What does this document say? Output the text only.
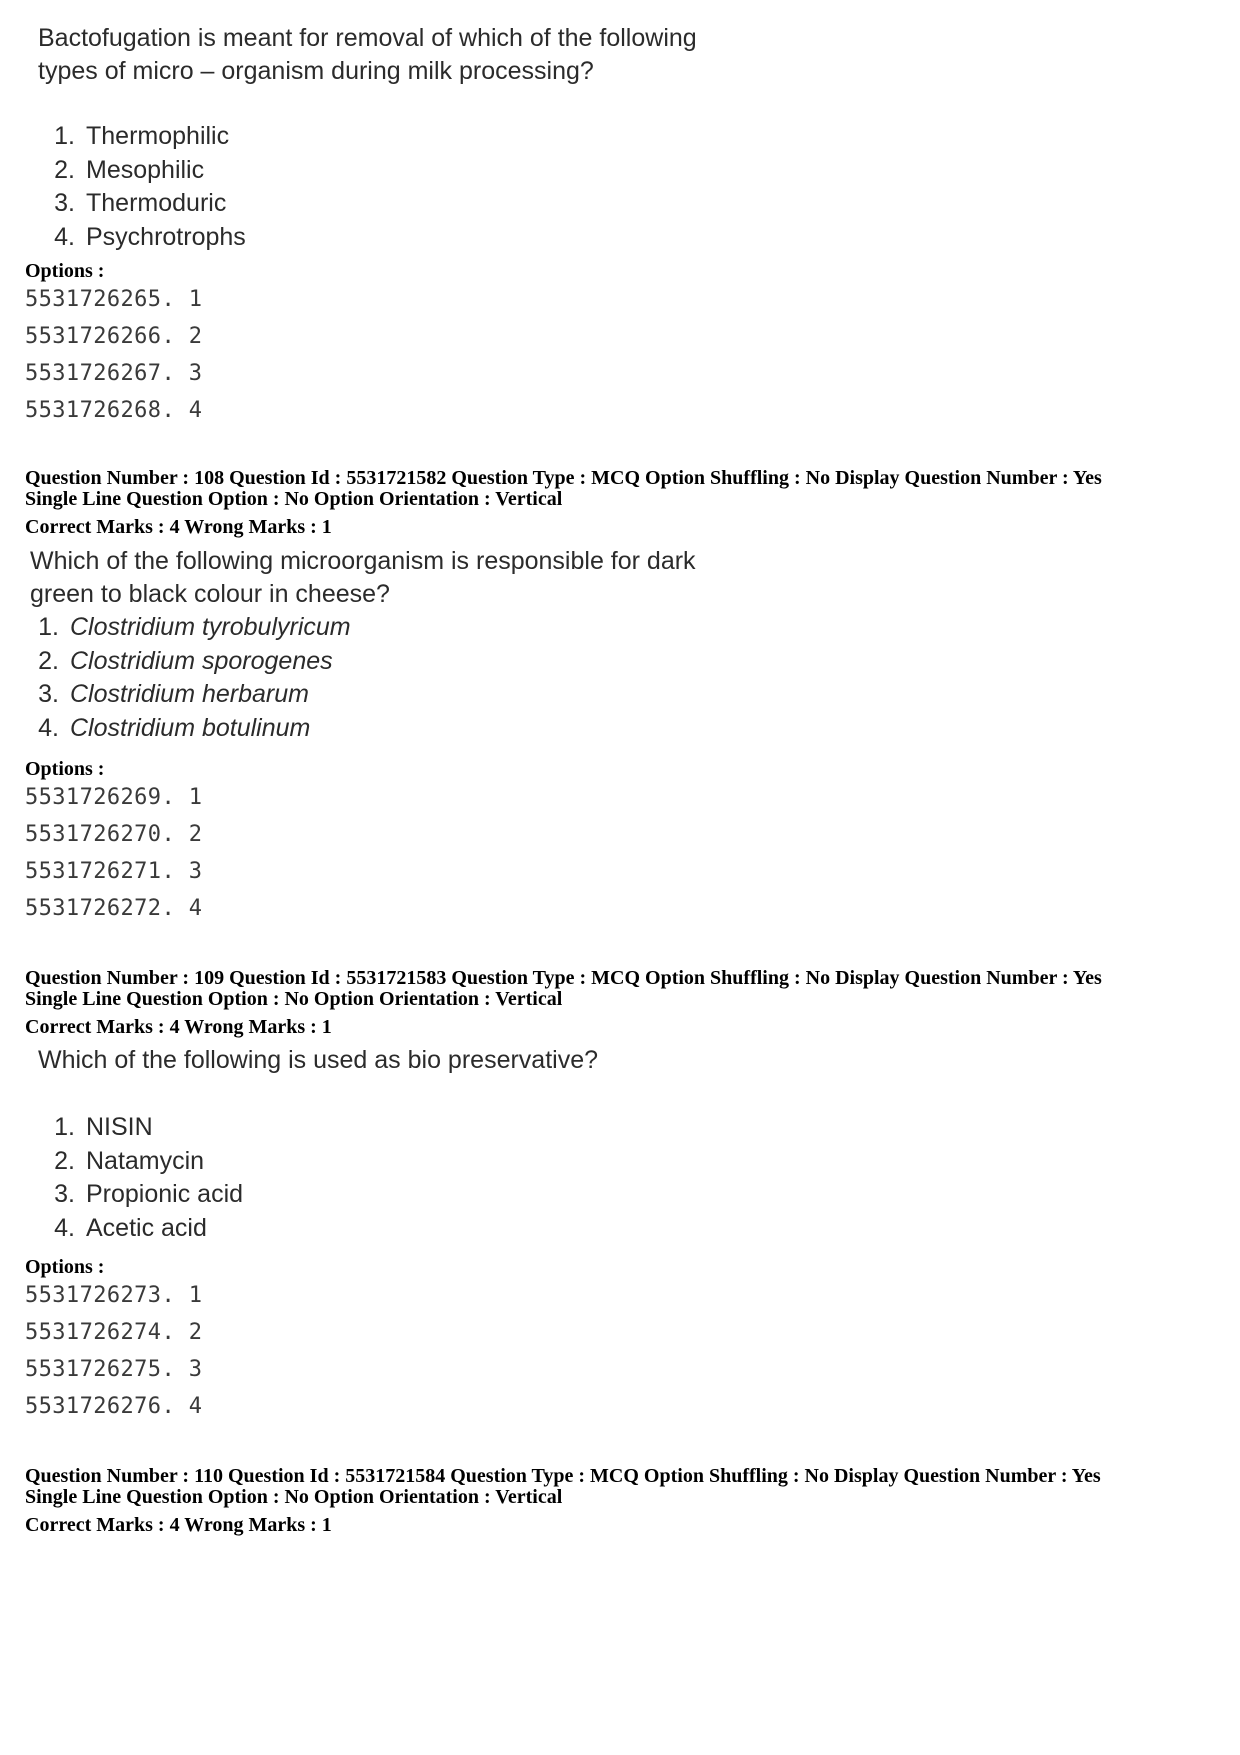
Bactofugation is meant for removal of which of the following
types of micro – organism during milk processing?
1. Thermophilic
2. Mesophilic
3. Thermoduric
4. Psychrotrophs
Options :
5531726265. 1
5531726266. 2
5531726267. 3
5531726268. 4
Question Number : 108 Question Id : 5531721582 Question Type : MCQ Option Shuffling : No Display Question Number : Yes
Single Line Question Option : No Option Orientation : Vertical
Correct Marks : 4 Wrong Marks : 1
Which of the following microorganism is responsible for dark
green to black colour in cheese?
1. Clostridium tyrobulyricum
2. Clostridium sporogenes
3. Clostridium herbarum
4. Clostridium botulinum
Options :
5531726269. 1
5531726270. 2
5531726271. 3
5531726272. 4
Question Number : 109 Question Id : 5531721583 Question Type : MCQ Option Shuffling : No Display Question Number : Yes
Single Line Question Option : No Option Orientation : Vertical
Correct Marks : 4 Wrong Marks : 1
Which of the following is used as bio preservative?
1. NISIN
2. Natamycin
3. Propionic acid
4. Acetic acid
Options :
5531726273. 1
5531726274. 2
5531726275. 3
5531726276. 4
Question Number : 110 Question Id : 5531721584 Question Type : MCQ Option Shuffling : No Display Question Number : Yes
Single Line Question Option : No Option Orientation : Vertical
Correct Marks : 4 Wrong Marks : 1
